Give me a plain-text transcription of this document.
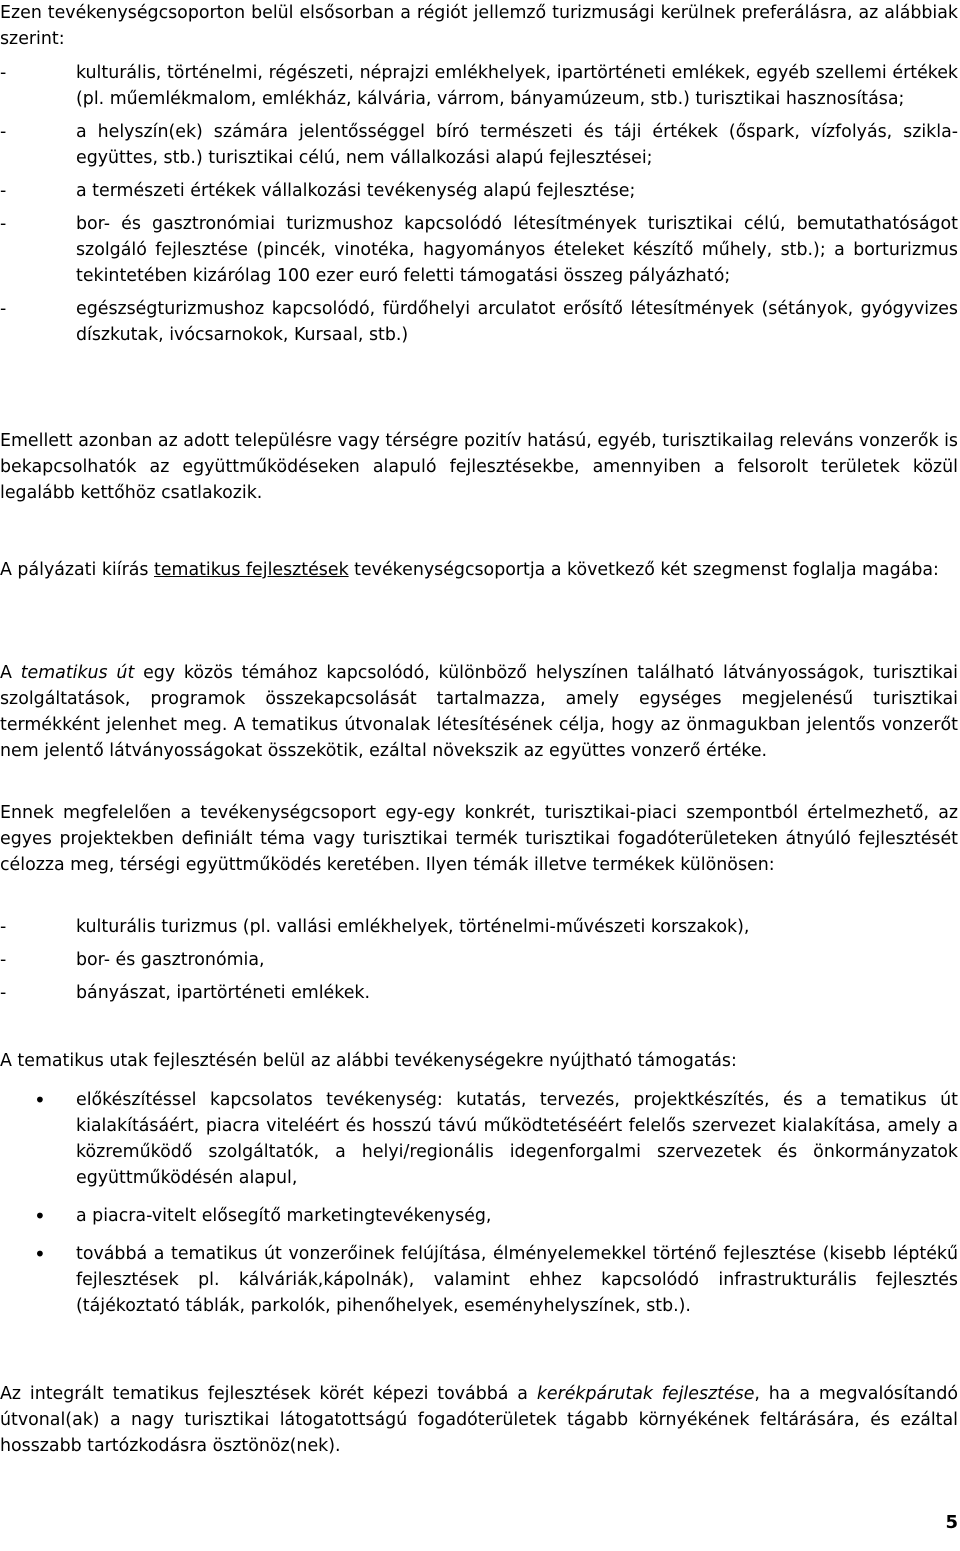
Ezen tevékenységcsoporton belül elsősorban a régiót jellemző turizmusági kerülnek preferálásra, az alábbiak szerint:

-	kulturális, történelmi, régészeti, néprajzi emlékhelyek, ipartörténeti emlékek, egyéb szellemi értékek (pl. műemlékmalom, emlékház, kálvária, várrom, bányamúzeum, stb.) turisztikai hasznosítása;
-	a helyszín(ek) számára jelentősséggel bíró természeti és táji értékek (őspark, vízfolyás, szikla-együttes, stb.) turisztikai célú, nem vállalkozási alapú fejlesztései;
-	a természeti értékek vállalkozási tevékenység alapú fejlesztése;
-	bor- és gasztronómiai turizmushoz kapcsolódó létesítmények turisztikai célú, bemutathatóságot szolgáló fejlesztése (pincék, vinotéka, hagyományos ételeket készítő műhely, stb.); a borturizmus tekintetében kizárólag 100 ezer euró feletti támogatási összeg pályázható;
-	egészségturizmushoz kapcsolódó, fürdőhelyi arculatot erősítő létesítmények (sétányok, gyógyvizes díszkutak, ivócsarnokok, Kursaal, stb.)

Emellett azonban az adott településre vagy térségre pozitív hatású, egyéb, turisztikailag releváns vonzerők is bekapcsolhatók az együttműködéseken alapuló fejlesztésekbe, amennyiben a felsorolt területek közül legalább kettőhöz csatlakozik.

A pályázati kiírás tematikus fejlesztések tevékenységcsoportja a következő két szegmenst foglalja magába:

A tematikus út egy közös témához kapcsolódó, különböző helyszínen található látványosságok, turisztikai szolgáltatások, programok összekapcsolását tartalmazza, amely egységes megjelenésű turisztikai termékként jelenhet meg. A tematikus útvonalak létesítésének célja, hogy az önmagukban jelentős vonzerőt nem jelentő látványosságokat összekötik, ezáltal növekszik az együttes vonzerő értéke.

Ennek megfelelően a tevékenységcsoport egy-egy konkrét, turisztikai-piaci szempontból értelmezhető, az egyes projektekben definiált téma vagy turisztikai termék turisztikai fogadóterületeken átnyúló fejlesztését célozza meg, térségi együttműködés keretében. Ilyen témák illetve termékek különösen:

-	kulturális turizmus (pl. vallási emlékhelyek, történelmi-művészeti korszakok),
-	bor- és gasztronómia,
-	bányászat, ipartörténeti emlékek.

A tematikus utak fejlesztésén belül az alábbi tevékenységekre nyújtható támogatás:

• előkészítéssel kapcsolatos tevékenység: kutatás, tervezés, projektkészítés, és a tematikus út kialakításáért, piacra viteléért és hosszú távú működtetéséért felelős szervezet kialakítása, amely a közreműködő szolgáltatók, a helyi/regionális idegenforgalmi szervezetek és önkormányzatok együttműködésén alapul,
• a piacra-vitelt elősegítő marketingtevékenység,
• továbbá a tematikus út vonzerőinek felújítása, élményelemekkel történő fejlesztése (kisebb léptékű fejlesztések pl. kálváriák,kápolnák), valamint ehhez kapcsolódó infrastrukturális fejlesztés (tájékoztató táblák, parkolók, pihenőhelyek, eseményhelyszínek, stb.).

Az integrált tematikus fejlesztések körét képezi továbbá a kerékpárutak fejlesztése, ha a megvalósítandó útvonal(ak) a nagy turisztikai látogatottságú fogadóterületek tágabb környékének feltárására, és ezáltal hosszabb tartózkodásra ösztönöz(nek).

5
